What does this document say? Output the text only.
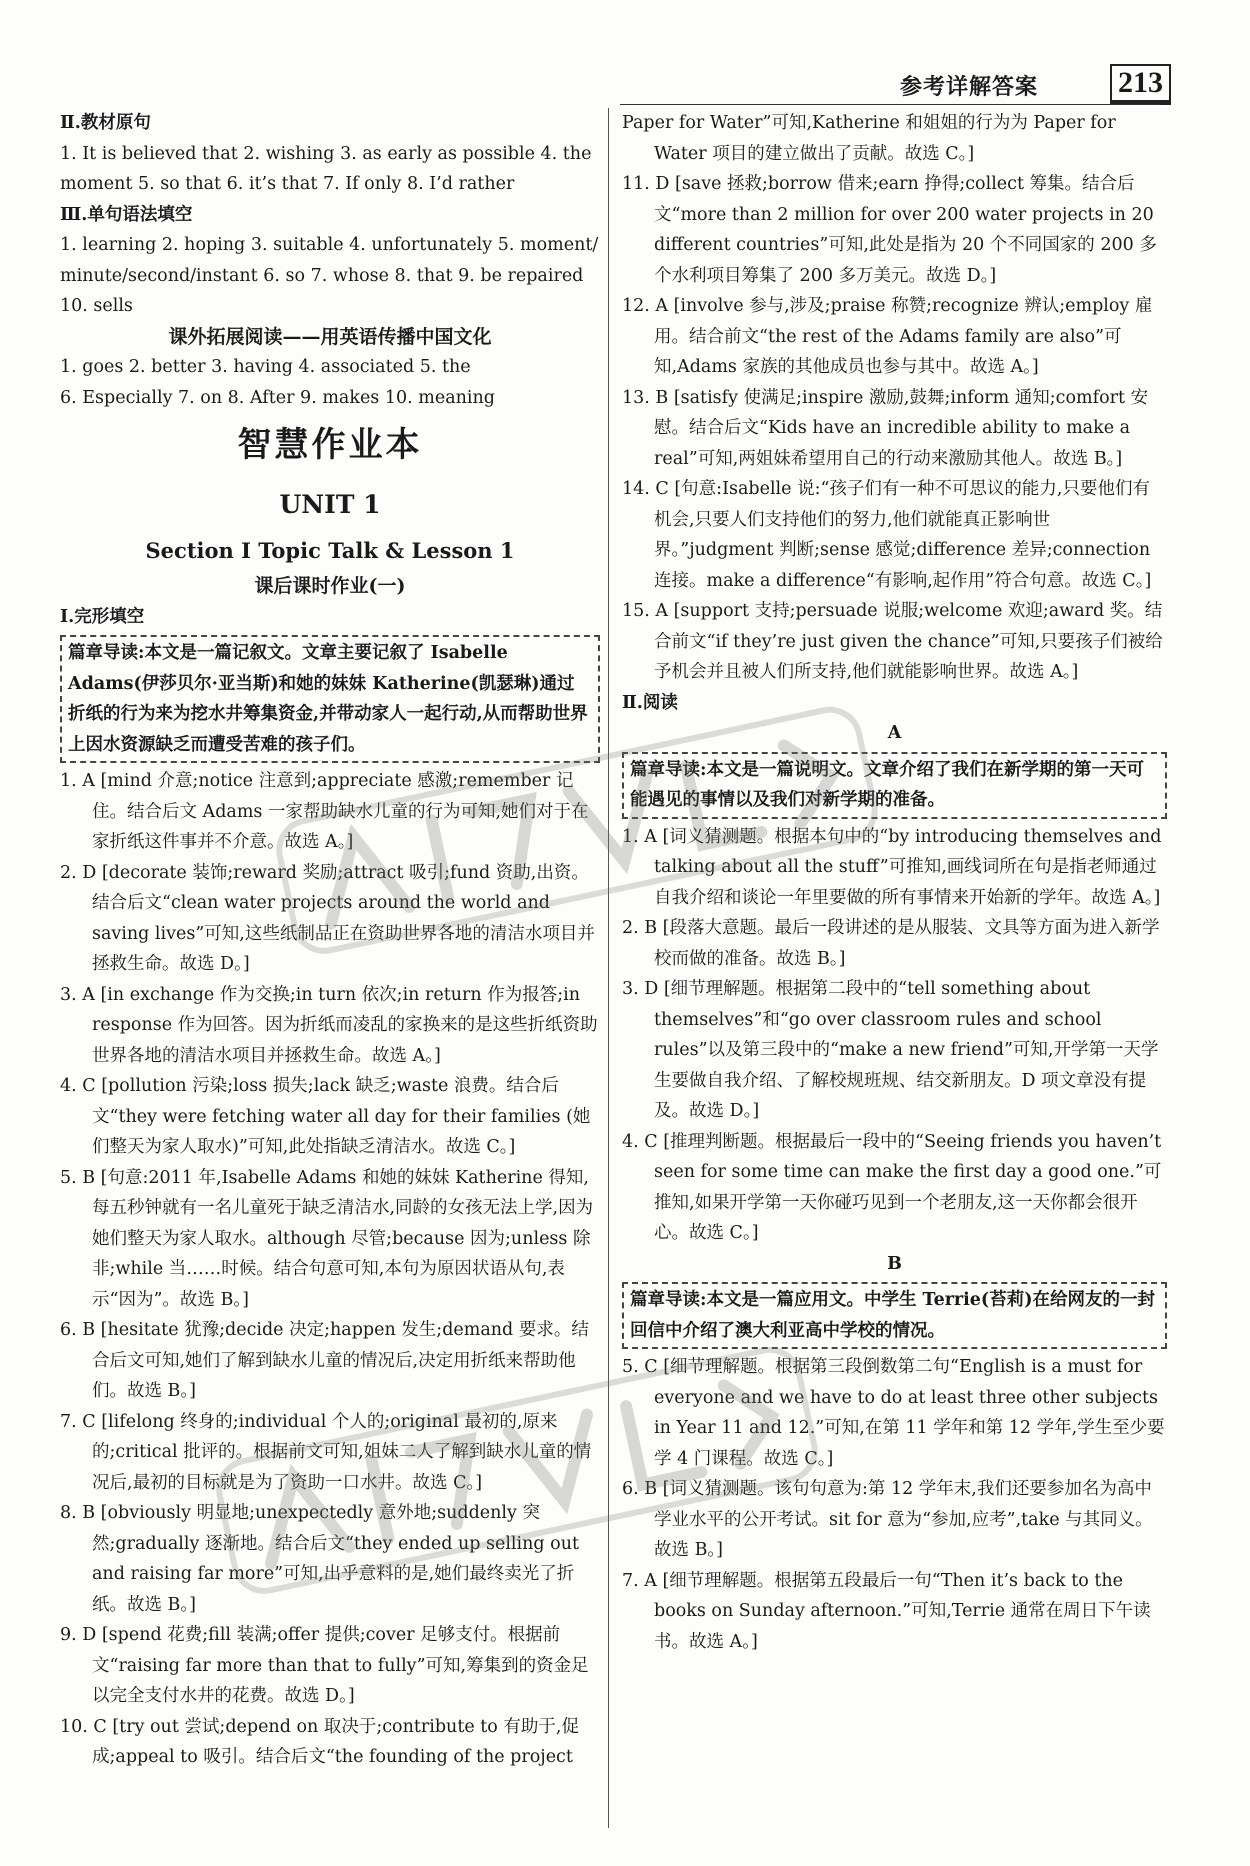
参考详解答案	213

Ⅱ.教材原句

1. It is believed that 2. wishing 3. as early as possible 4. the

moment 5. so that 6. it’s that 7. If only 8. I’d rather

Ⅲ.单句语法填空

1. learning 2. hoping 3. suitable 4. unfortunately 5. moment/

minute/second/instant 6. so 7. whose 8. that 9. be repaired

10. sells

课外拓展阅读——用英语传播中国文化

1. goes 2. better 3. having 4. associated 5. the

6. Especially 7. on 8. After 9. makes 10. meaning

智慧作业本
UNIT 1

Section Ⅰ Topic Talk & Lesson 1

课后课时作业(一)

Ⅰ.完形填空

篇章导读:本文是一篇记叙文。文章主要记叙了 Isabelle Adams(伊莎贝尔·亚当斯)和她的妹妹 Katherine(凯瑟琳)通过折纸的行为来为挖水井筹集资金,并带动家人一起行动,从而帮助世界上因水资源缺乏而遭受苦难的孩子们。

1. A [mind 介意;notice 注意到;appreciate 感激;remember 记住。结合后文 Adams 一家帮助缺水儿童的行为可知,她们对于在家折纸这件事并不介意。故选 A。]

2. D [decorate 装饰;reward 奖励;attract 吸引;fund 资助,出资。结合后文“clean water projects around the world and saving lives”可知,这些纸制品正在资助世界各地的清洁水项目并拯救生命。故选 D。]

3. A [in exchange 作为交换;in turn 依次;in return 作为报答;in response 作为回答。因为折纸而凌乱的家换来的是这些折纸资助世界各地的清洁水项目并拯救生命。故选 A。]

4. C [pollution 污染;loss 损失;lack 缺乏;waste 浪费。结合后文“they were fetching water all day for their families (她们整天为家人取水)”可知,此处指缺乏清洁水。故选 C。]

5. B [句意:2011 年,Isabelle Adams 和她的妹妹 Katherine 得知,每五秒钟就有一名儿童死于缺乏清洁水,同龄的女孩无法上学,因为她们整天为家人取水。although 尽管;because 因为;unless 除非;while 当……时候。结合句意可知,本句为原因状语从句,表示“因为”。故选 B。]

6. B [hesitate 犹豫;decide 决定;happen 发生;demand 要求。结合后文可知,她们了解到缺水儿童的情况后,决定用折纸来帮助他们。故选 B。]

7. C [lifelong 终身的;individual 个人的;original 最初的,原来的;critical 批评的。根据前文可知,姐妹二人了解到缺水儿童的情况后,最初的目标就是为了资助一口水井。故选 C。]

8. B [obviously 明显地;unexpectedly 意外地;suddenly 突然;gradually 逐渐地。结合后文“they ended up selling out and raising far more”可知,出乎意料的是,她们最终卖光了折纸。故选 B。]

9. D [spend 花费;fill 装满;offer 提供;cover 足够支付。根据前文“raising far more than that to fully”可知,筹集到的资金足以完全支付水井的花费。故选 D。]

10. C [try out 尝试;depend on 取决于;contribute to 有助于,促成;appeal to 吸引。结合后文“the founding of the project

Paper for Water”可知,Katherine 和姐姐的行为为 Paper for Water 项目的建立做出了贡献。故选 C。]

11. D [save 拯救;borrow 借来;earn 挣得;collect 筹集。结合后文“more than 2 million for over 200 water projects in 20 different countries”可知,此处是指为 20 个不同国家的 200 多个水利项目筹集了 200 多万美元。故选 D。]

12. A [involve 参与,涉及;praise 称赞;recognize 辨认;employ 雇用。结合前文“the rest of the Adams family are also”可知,Adams 家族的其他成员也参与其中。故选 A。]

13. B [satisfy 使满足;inspire 激励,鼓舞;inform 通知;comfort 安慰。结合后文“Kids have an incredible ability to make a real”可知,两姐妹希望用自己的行动来激励其他人。故选 B。]

14. C [句意:Isabelle 说:“孩子们有一种不可思议的能力,只要他们有机会,只要人们支持他们的努力,他们就能真正影响世界。”judgment 判断;sense 感觉;difference 差异;connection 连接。make a difference“有影响,起作用”符合句意。故选 C。]

15. A [support 支持;persuade 说服;welcome 欢迎;award 奖。结合前文“if they’re just given the chance”可知,只要孩子们被给予机会并且被人们所支持,他们就能影响世界。故选 A。]

Ⅱ.阅读

A

篇章导读:本文是一篇说明文。文章介绍了我们在新学期的第一天可能遇见的事情以及我们对新学期的准备。

1. A [词义猜测题。根据本句中的“by introducing themselves and talking about all the stuff”可推知,画线词所在句是指老师通过自我介绍和谈论一年里要做的所有事情来开始新的学年。故选 A。]

2. B [段落大意题。最后一段讲述的是从服装、文具等方面为进入新学校而做的准备。故选 B。]

3. D [细节理解题。根据第二段中的“tell something about themselves”和“go over classroom rules and school rules”以及第三段中的“make a new friend”可知,开学第一天学生要做自我介绍、了解校规班规、结交新朋友。D 项文章没有提及。故选 D。]

4. C [推理判断题。根据最后一段中的“Seeing friends you haven’t seen for some time can make the first day a good one.”可推知,如果开学第一天你碰巧见到一个老朋友,这一天你都会很开心。故选 C。]

B

篇章导读:本文是一篇应用文。中学生 Terrie(苔莉)在给网友的一封回信中介绍了澳大利亚高中学校的情况。

5. C [细节理解题。根据第三段倒数第二句“English is a must for everyone and we have to do at least three other subjects in Year 11 and 12.”可知,在第 11 学年和第 12 学年,学生至少要学 4 门课程。故选 C。]

6. B [词义猜测题。该句句意为:第 12 学年末,我们还要参加名为高中学业水平的公开考试。sit for 意为“参加,应考”,take 与其同义。故选 B。]

7. A [细节理解题。根据第五段最后一句“Then it’s back to the books on Sunday afternoon.”可知,Terrie 通常在周日下午读书。故选 A。]
